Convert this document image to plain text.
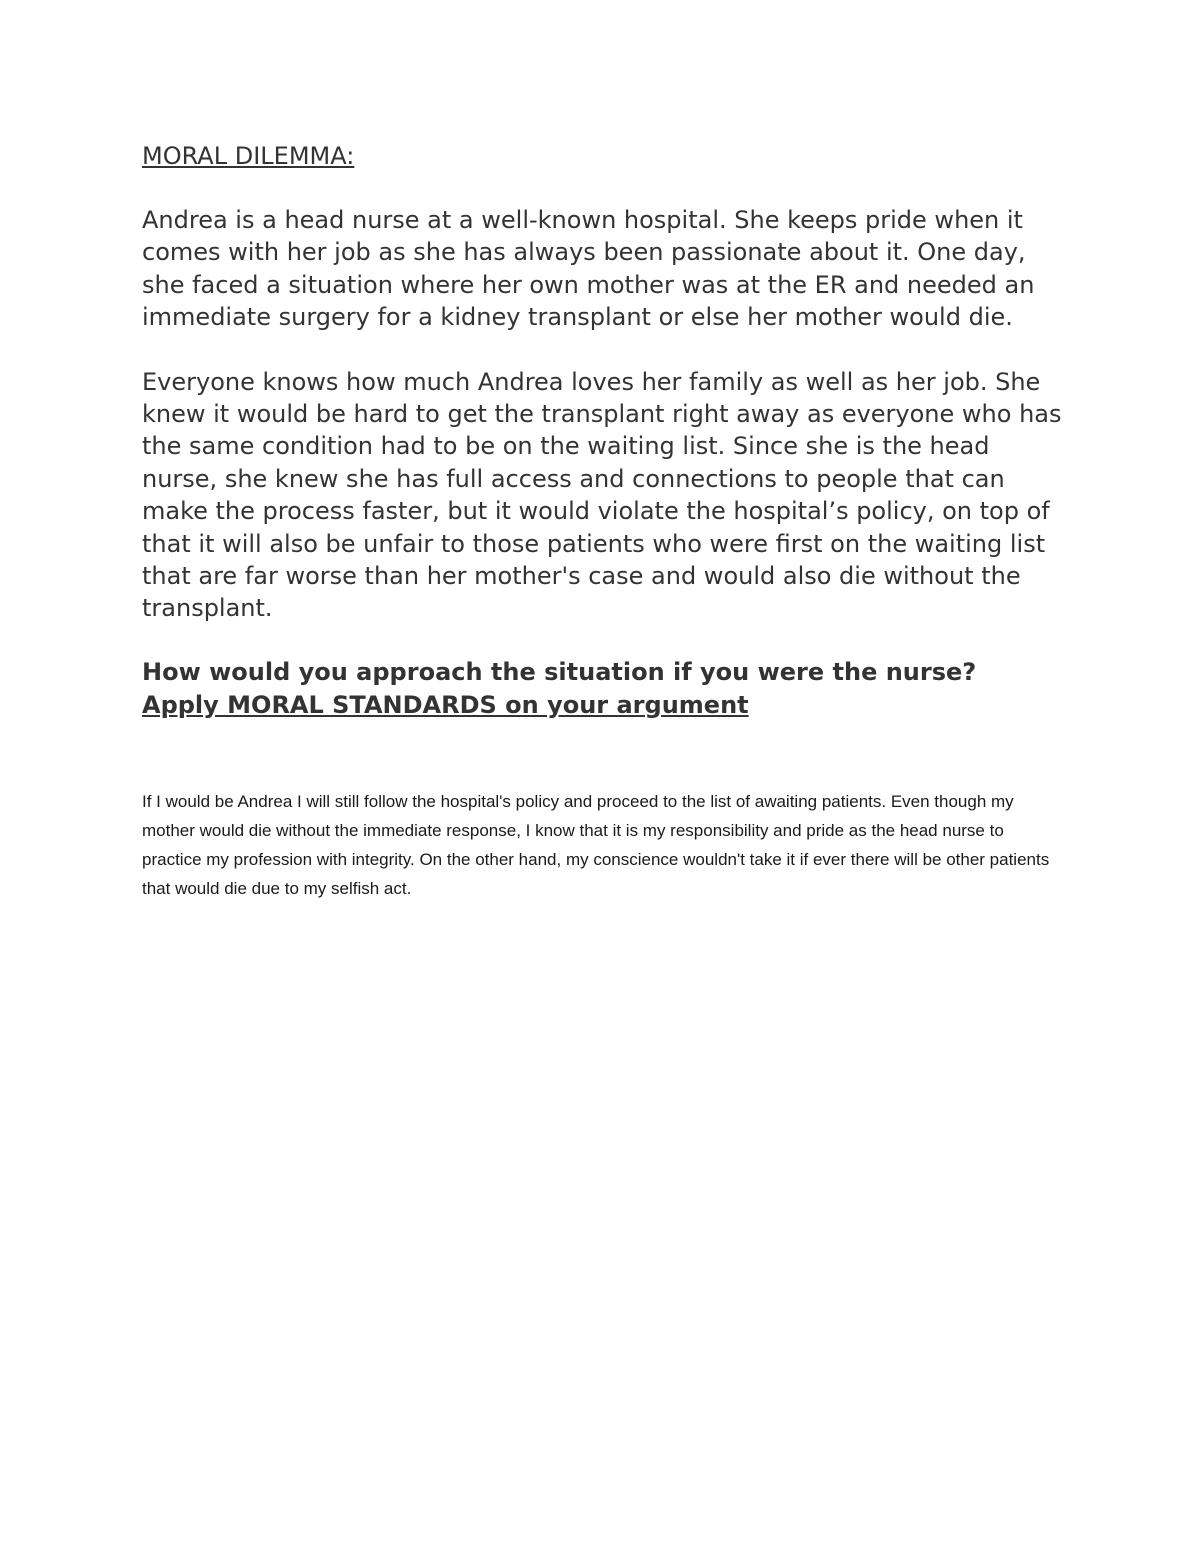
MORAL DILEMMA:

Andrea is a head nurse at a well-known hospital. She keeps pride when it comes with her job as she has always been passionate about it. One day, she faced a situation where her own mother was at the ER and needed an immediate surgery for a kidney transplant or else her mother would die.

Everyone knows how much Andrea loves her family as well as her job. She knew it would be hard to get the transplant right away as everyone who has the same condition had to be on the waiting list. Since she is the head nurse, she knew she has full access and connections to people that can make the process faster, but it would violate the hospital’s policy, on top of that it will also be unfair to those patients who were first on the waiting list that are far worse than her mother's case and would also die without the transplant.

How would you approach the situation if you were the nurse?
Apply MORAL STANDARDS on your argument

If I would be Andrea I will still follow the hospital's policy and proceed to the list of awaiting patients. Even though my mother would die without the immediate response, I know that it is my responsibility and pride as the head nurse to practice my profession with integrity. On the other hand, my conscience wouldn't take it if ever there will be other patients that would die due to my selfish act.
